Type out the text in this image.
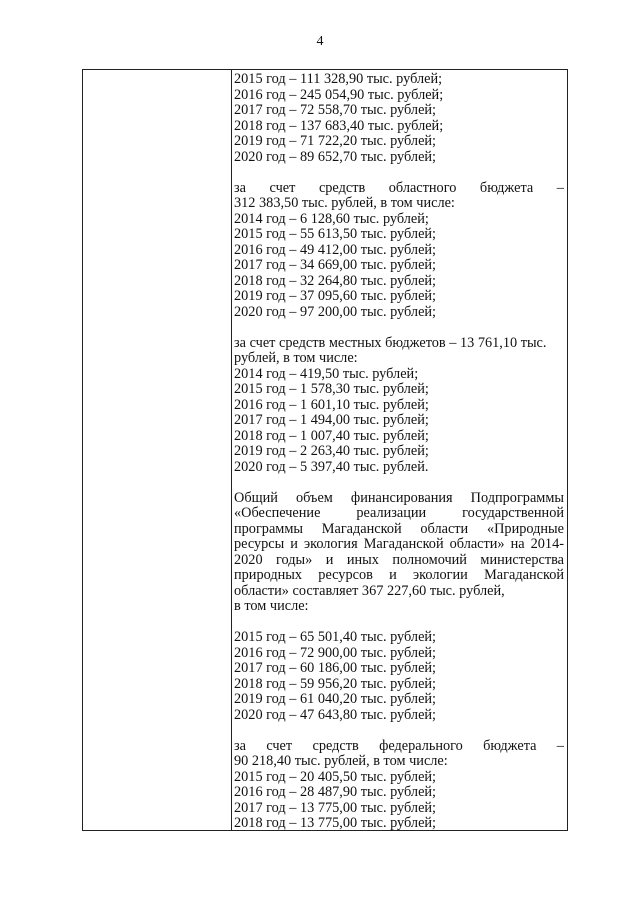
4
2015 год – 111 328,90 тыс. рублей;
2016 год – 245 054,90 тыс. рублей;
2017 год – 72 558,70 тыс. рублей;
2018 год – 137 683,40 тыс. рублей;
2019 год – 71 722,20 тыс. рублей;
2020 год – 89 652,70 тыс. рублей;
за счет средств областного бюджета –
312 383,50 тыс. рублей, в том числе:
2014 год – 6 128,60 тыс. рублей;
2015 год – 55 613,50 тыс. рублей;
2016 год – 49 412,00 тыс. рублей;
2017 год – 34 669,00 тыс. рублей;
2018 год – 32 264,80 тыс. рублей;
2019 год – 37 095,60 тыс. рублей;
2020 год – 97 200,00 тыс. рублей;
за счет средств местных бюджетов – 13 761,10 тыс.
рублей, в том числе:
2014 год – 419,50 тыс. рублей;
2015 год – 1 578,30 тыс. рублей;
2016 год – 1 601,10 тыс. рублей;
2017 год – 1 494,00 тыс. рублей;
2018 год – 1 007,40 тыс. рублей;
2019 год – 2 263,40 тыс. рублей;
2020 год – 5 397,40 тыс. рублей.
Общий объем финансирования Подпрограммы «Обеспечение реализации государственной программы Магаданской области «Природные ресурсы и экология Магаданской области» на 2014-2020 годы» и иных полномочий министерства природных ресурсов и экологии Магаданской области» составляет 367 227,60 тыс. рублей,
в том числе:
2015 год – 65 501,40 тыс. рублей;
2016 год – 72 900,00 тыс. рублей;
2017 год – 60 186,00 тыс. рублей;
2018 год – 59 956,20 тыс. рублей;
2019 год – 61 040,20 тыс. рублей;
2020 год – 47 643,80 тыс. рублей;
за счет средств федерального бюджета –
90 218,40 тыс. рублей, в том числе:
2015 год – 20 405,50 тыс. рублей;
2016 год – 28 487,90 тыс. рублей;
2017 год – 13 775,00 тыс. рублей;
2018 год – 13 775,00 тыс. рублей;
